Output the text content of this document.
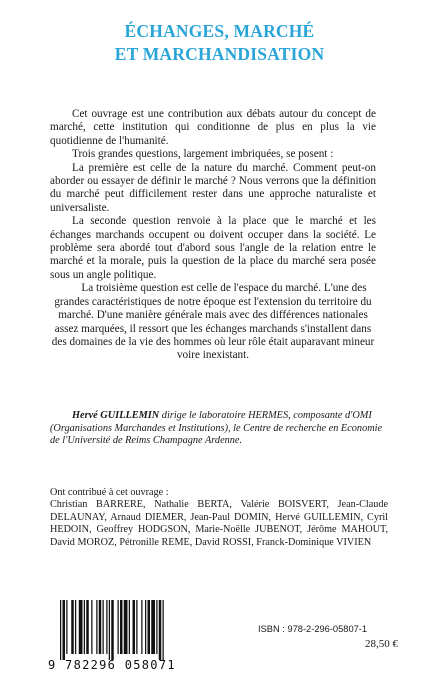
ÉCHANGES, MARCHÉ
ET MARCHANDISATION

Cet ouvrage est une contribution aux débats autour du concept de marché, cette institution qui conditionne de plus en plus la vie quotidienne de l'humanité.

Trois grandes questions, largement imbriquées, se posent :

La première est celle de la nature du marché. Comment peut-on aborder ou essayer de définir le marché ? Nous verrons que la définition du marché peut difficilement rester dans une approche naturaliste et universaliste.

La seconde question renvoie à la place que le marché et les échanges marchands occupent ou doivent occuper dans la société. Le problème sera abordé tout d'abord sous l'angle de la relation entre le marché et la morale, puis la question de la place du marché sera posée sous un angle politique.

La troisième question est celle de l'espace du marché. L'une des grandes caractéristiques de notre époque est l'extension du territoire du marché. D'une manière générale mais avec des différences nationales assez marquées, il ressort que les échanges marchands s'installent dans des domaines de la vie des hommes où leur rôle était auparavant mineur voire inexistant.

Hervé GUILLEMIN dirige le laboratoire HERMES, composante d'OMI (Organisations Marchandes et Institutions), le Centre de recherche en Economie de l'Université de Reims Champagne Ardenne.

Ont contribué à cet ouvrage :

Christian BARRERE, Nathalie BERTA, Valérie BOISVERT, Jean-Claude DELAUNAY, Arnaud DIEMER, Jean-Paul DOMIN, Hervé GUILLEMIN, Cyril HEDOIN, Geoffrey HODGSON, Marie-Noëlle JUBENOT, Jérôme MAHOUT, David MOROZ, Pétronille REME, David ROSSI, Franck-Dominique VIVIEN

9 782296 058071
ISBN : 978-2-296-05807-1
28,50 €
